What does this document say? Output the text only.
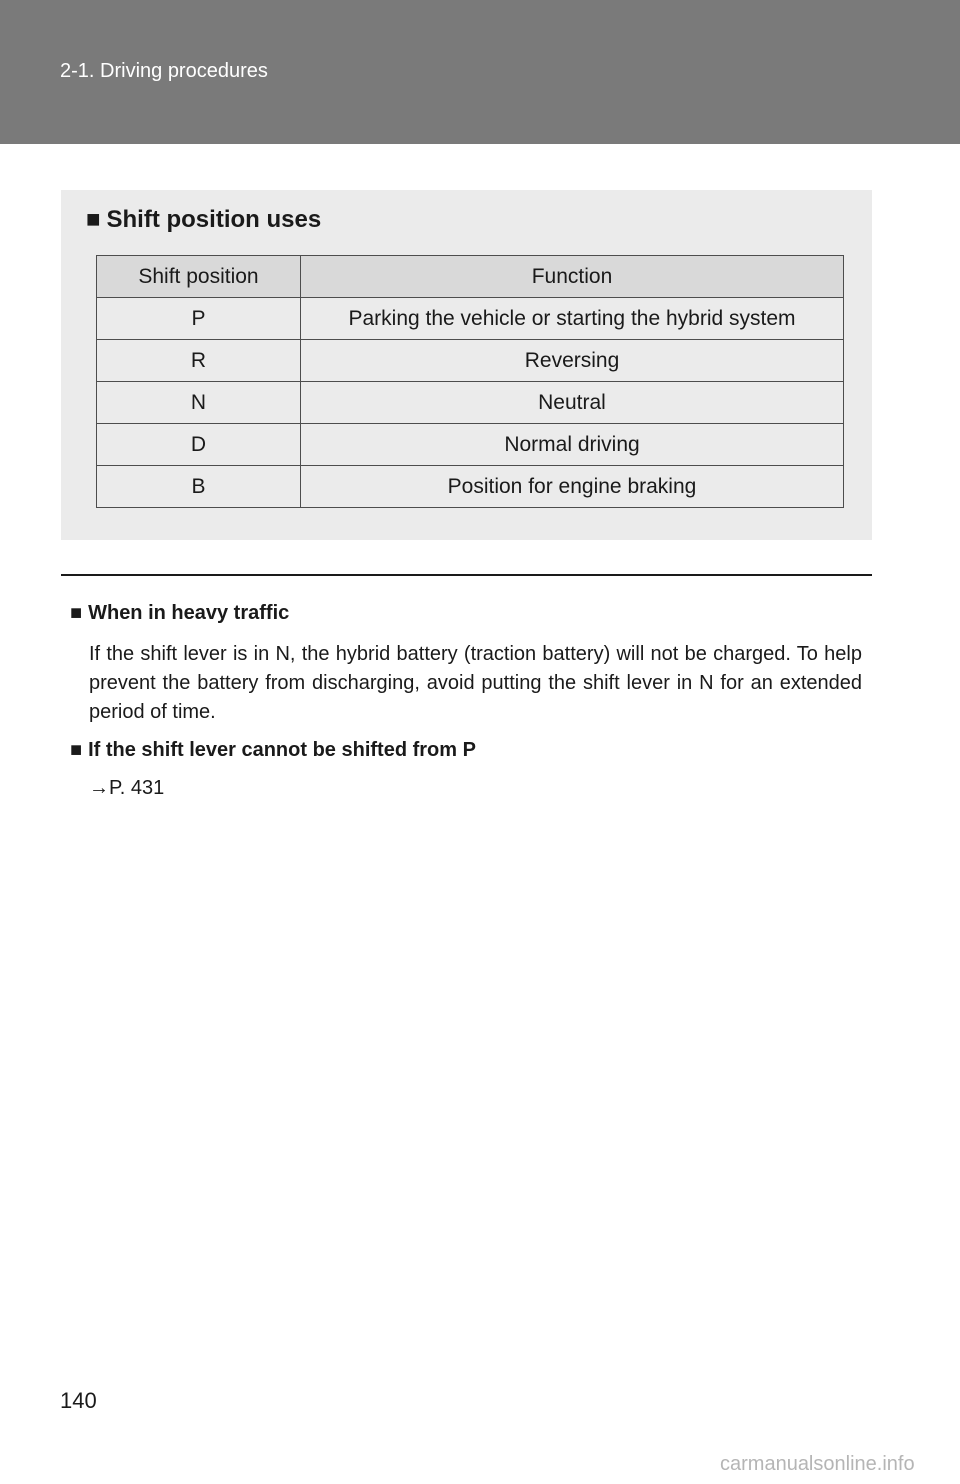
2-1. Driving procedures
■ Shift position uses
Shift position	Function
P	Parking the vehicle or starting the hybrid system
R	Reversing
N	Neutral
D	Normal driving
B	Position for engine braking
■ When in heavy traffic
If the shift lever is in N, the hybrid battery (traction battery) will not be charged. To help prevent the battery from discharging, avoid putting the shift lever in N for an extended period of time.
■ If the shift lever cannot be shifted from P
→P. 431
140
carmanualsonline.info
